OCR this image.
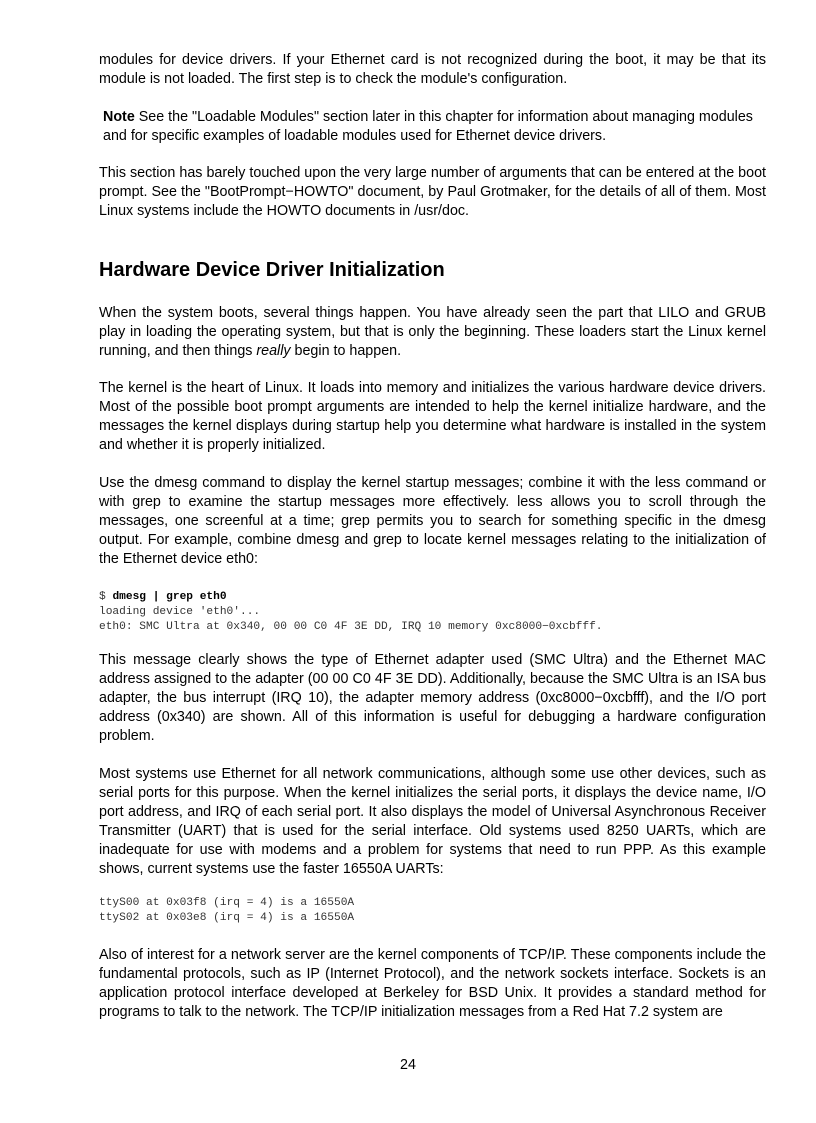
modules for device drivers. If your Ethernet card is not recognized during the boot, it may be that its module is not loaded. The first step is to check the module's configuration.

Note See the "Loadable Modules" section later in this chapter for information about managing modules and for specific examples of loadable modules used for Ethernet device drivers.

This section has barely touched upon the very large number of arguments that can be entered at the boot prompt. See the "BootPrompt−HOWTO" document, by Paul Grotmaker, for the details of all of them. Most Linux systems include the HOWTO documents in /usr/doc.

Hardware Device Driver Initialization

When the system boots, several things happen. You have already seen the part that LILO and GRUB play in loading the operating system, but that is only the beginning. These loaders start the Linux kernel running, and then things really begin to happen.

The kernel is the heart of Linux. It loads into memory and initializes the various hardware device drivers. Most of the possible boot prompt arguments are intended to help the kernel initialize hardware, and the messages the kernel displays during startup help you determine what hardware is installed in the system and whether it is properly initialized.

Use the dmesg command to display the kernel startup messages; combine it with the less command or with grep to examine the startup messages more effectively. less allows you to scroll through the messages, one screenful at a time; grep permits you to search for something specific in the dmesg output. For example, combine dmesg and grep to locate kernel messages relating to the initialization of the Ethernet device eth0:

$ dmesg | grep eth0
loading device 'eth0'...
eth0: SMC Ultra at 0x340, 00 00 C0 4F 3E DD, IRQ 10 memory 0xc8000−0xcbfff.

This message clearly shows the type of Ethernet adapter used (SMC Ultra) and the Ethernet MAC address assigned to the adapter (00 00 C0 4F 3E DD). Additionally, because the SMC Ultra is an ISA bus adapter, the bus interrupt (IRQ 10), the adapter memory address (0xc8000−0xcbfff), and the I/O port address (0x340) are shown. All of this information is useful for debugging a hardware configuration problem.

Most systems use Ethernet for all network communications, although some use other devices, such as serial ports for this purpose. When the kernel initializes the serial ports, it displays the device name, I/O port address, and IRQ of each serial port. It also displays the model of Universal Asynchronous Receiver Transmitter (UART) that is used for the serial interface. Old systems used 8250 UARTs, which are inadequate for use with modems and a problem for systems that need to run PPP. As this example shows, current systems use the faster 16550A UARTs:

ttyS00 at 0x03f8 (irq = 4) is a 16550A
ttyS02 at 0x03e8 (irq = 4) is a 16550A

Also of interest for a network server are the kernel components of TCP/IP. These components include the fundamental protocols, such as IP (Internet Protocol), and the network sockets interface. Sockets is an application protocol interface developed at Berkeley for BSD Unix. It provides a standard method for programs to talk to the network. The TCP/IP initialization messages from a Red Hat 7.2 system are

24
